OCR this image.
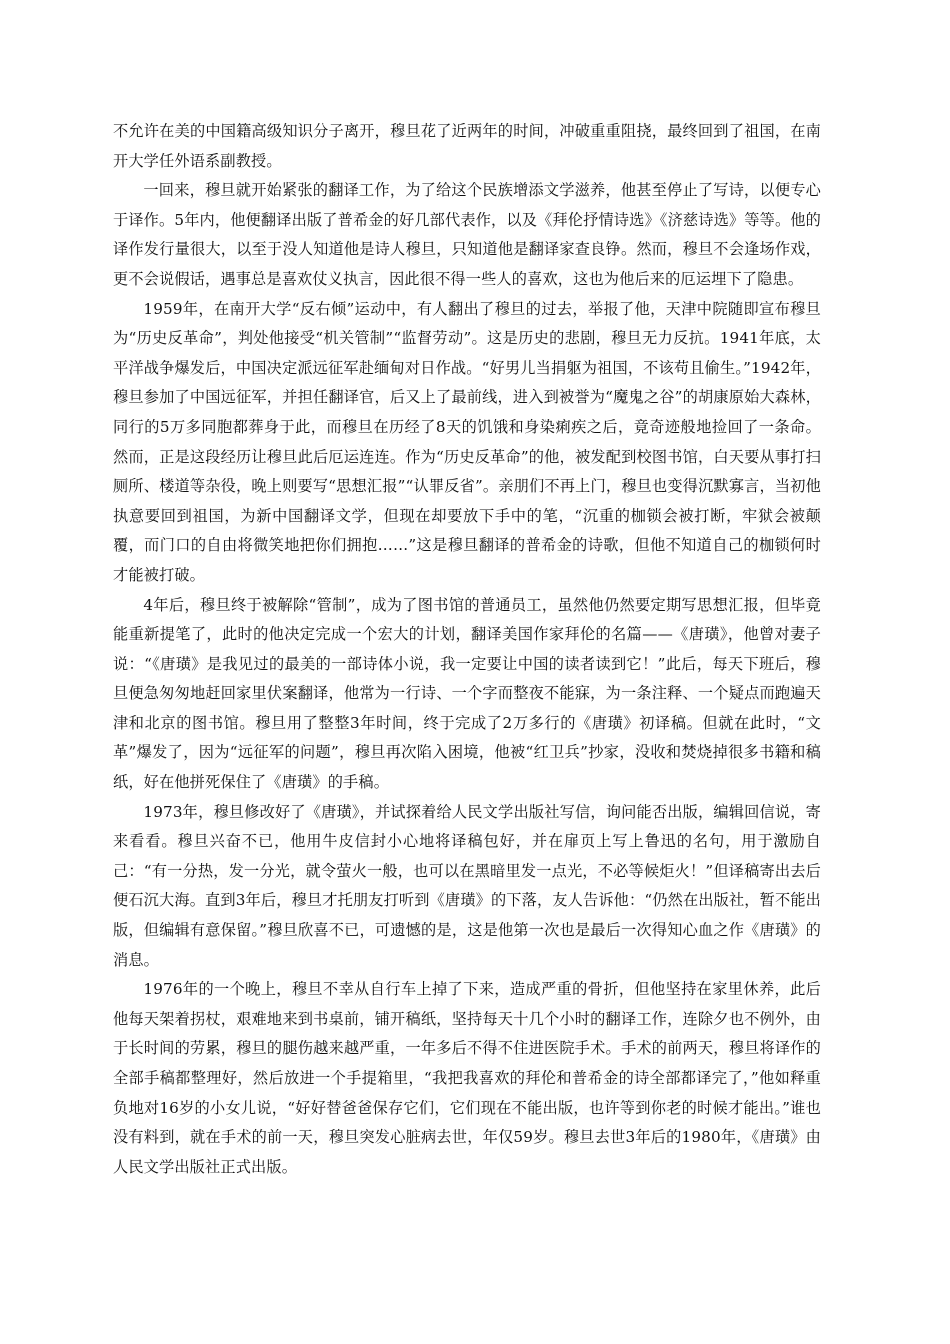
不允许在美的中国籍高级知识分子离开，穆旦花了近两年的时间，冲破重重阻挠，最终回到了祖国，在南开大学任外语系副教授。

一回来，穆旦就开始紧张的翻译工作，为了给这个民族增添文学滋养，他甚至停止了写诗，以便专心于译作。5年内，他便翻译出版了普希金的好几部代表作，以及《拜伦抒情诗选》《济慈诗选》等等。他的译作发行量很大，以至于没人知道他是诗人穆旦，只知道他是翻译家查良铮。然而，穆旦不会逢场作戏，更不会说假话，遇事总是喜欢仗义执言，因此很不得一些人的喜欢，这也为他后来的厄运埋下了隐患。

1959年，在南开大学“反右倾”运动中，有人翻出了穆旦的过去，举报了他，天津中院随即宣布穆旦为“历史反革命”，判处他接受“机关管制”“监督劳动”。这是历史的悲剧，穆旦无力反抗。1941年底，太平洋战争爆发后，中国决定派远征军赴缅甸对日作战。“好男儿当捐躯为祖国，不该苟且偷生。”1942年，穆旦参加了中国远征军，并担任翻译官，后又上了最前线，进入到被誉为“魔鬼之谷”的胡康原始大森林，同行的5万多同胞都葬身于此，而穆旦在历经了8天的饥饿和身染痢疾之后，竟奇迹般地捡回了一条命。然而，正是这段经历让穆旦此后厄运连连。作为“历史反革命”的他，被发配到校图书馆，白天要从事打扫厕所、楼道等杂役，晚上则要写“思想汇报”“认罪反省”。亲朋们不再上门，穆旦也变得沉默寡言，当初他执意要回到祖国，为新中国翻译文学，但现在却要放下手中的笔，“沉重的枷锁会被打断，牢狱会被颠覆，而门口的自由将微笑地把你们拥抱……”这是穆旦翻译的普希金的诗歌，但他不知道自己的枷锁何时才能被打破。

4年后，穆旦终于被解除“管制”，成为了图书馆的普通员工，虽然他仍然要定期写思想汇报，但毕竟能重新提笔了，此时的他决定完成一个宏大的计划，翻译美国作家拜伦的名篇——《唐璜》，他曾对妻子说：“《唐璜》是我见过的最美的一部诗体小说，我一定要让中国的读者读到它！”此后，每天下班后，穆旦便急匆匆地赶回家里伏案翻译，他常为一行诗、一个字而整夜不能寐，为一条注释、一个疑点而跑遍天津和北京的图书馆。穆旦用了整整3年时间，终于完成了2万多行的《唐璜》初译稿。但就在此时，“文革”爆发了，因为“远征军的问题”，穆旦再次陷入困境，他被“红卫兵”抄家，没收和焚烧掉很多书籍和稿纸，好在他拼死保住了《唐璜》的手稿。

1973年，穆旦修改好了《唐璜》，并试探着给人民文学出版社写信，询问能否出版，编辑回信说，寄来看看。穆旦兴奋不已，他用牛皮信封小心地将译稿包好，并在扉页上写上鲁迅的名句，用于激励自己：“有一分热，发一分光，就令萤火一般，也可以在黑暗里发一点光，不必等候炬火！”但译稿寄出去后便石沉大海。直到3年后，穆旦才托朋友打听到《唐璜》的下落，友人告诉他：“仍然在出版社，暂不能出版，但编辑有意保留。”穆旦欣喜不已，可遗憾的是，这是他第一次也是最后一次得知心血之作《唐璜》的消息。

1976年的一个晚上，穆旦不幸从自行车上掉了下来，造成严重的骨折，但他坚持在家里休养，此后他每天架着拐杖，艰难地来到书桌前，铺开稿纸，坚持每天十几个小时的翻译工作，连除夕也不例外，由于长时间的劳累，穆旦的腿伤越来越严重，一年多后不得不住进医院手术。手术的前两天，穆旦将译作的全部手稿都整理好，然后放进一个手提箱里，“我把我喜欢的拜伦和普希金的诗全部都译完了，”他如释重负地对16岁的小女儿说，“好好替爸爸保存它们，它们现在不能出版，也许等到你老的时候才能出。”谁也没有料到，就在手术的前一天，穆旦突发心脏病去世，年仅59岁。穆旦去世3年后的1980年，《唐璜》由人民文学出版社正式出版。
